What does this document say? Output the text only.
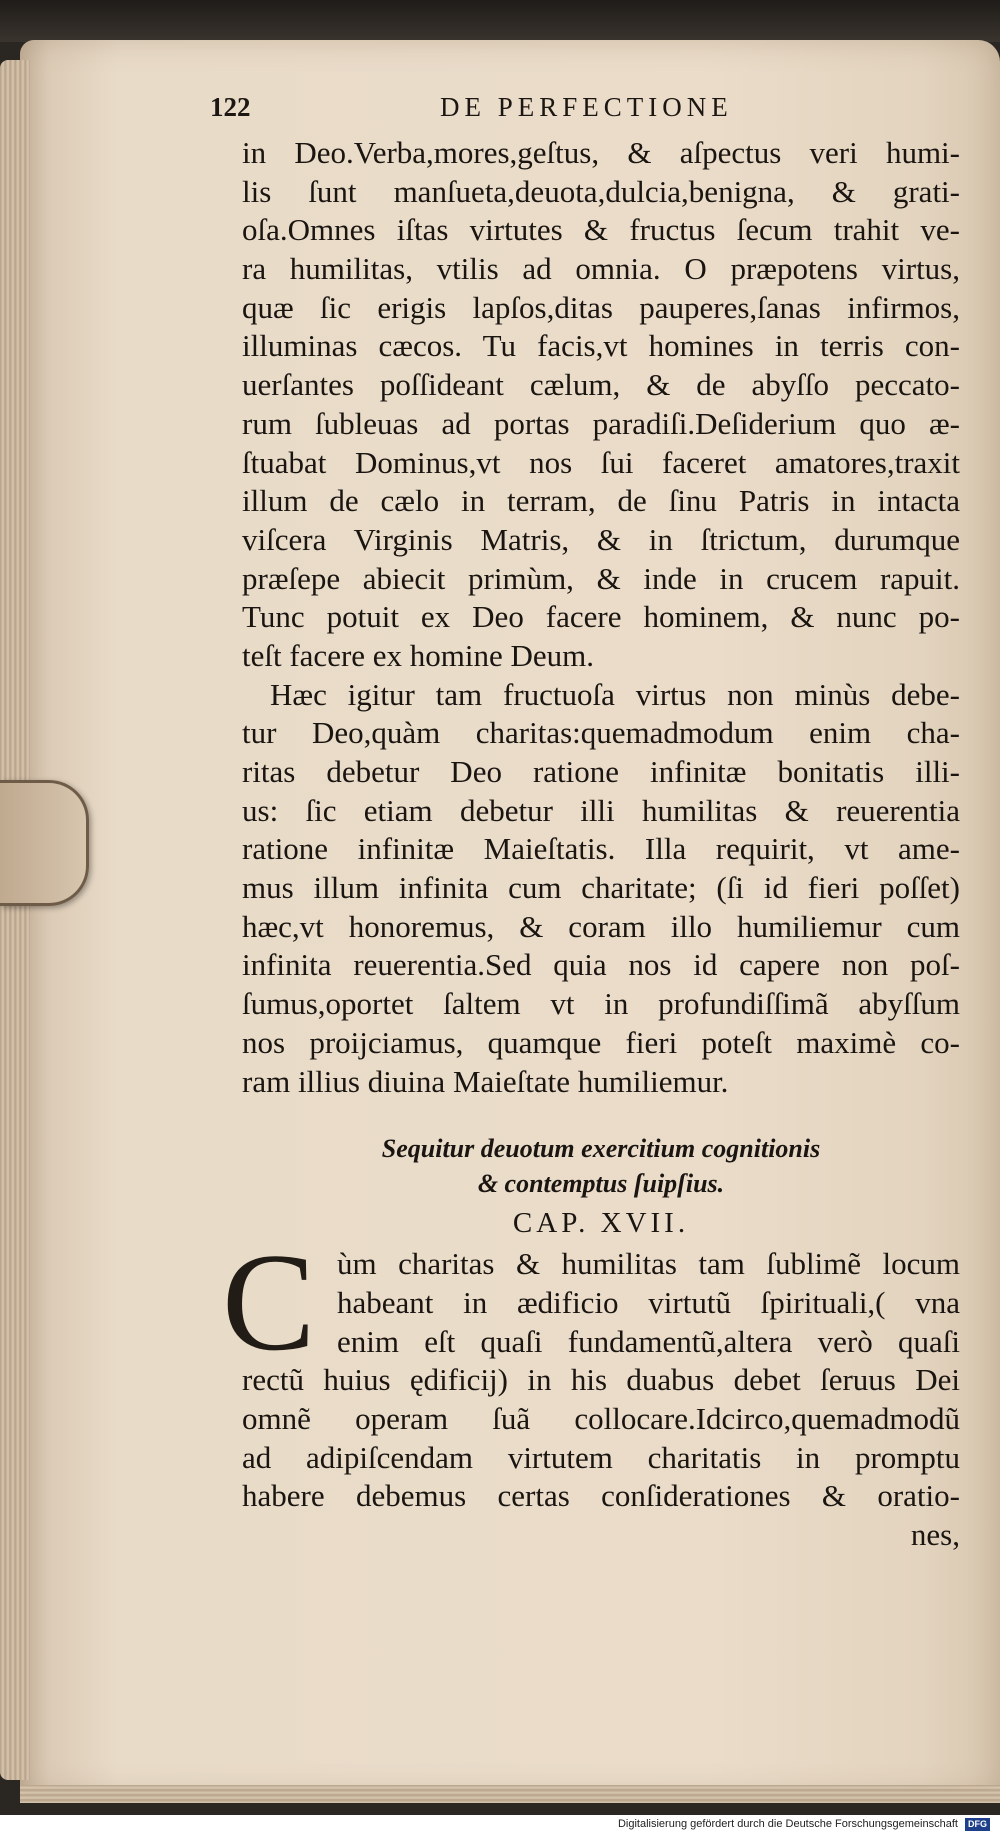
122	DE PERFECTIONE
in Deo.Verba,mores,geſtus, & aſpectus veri humi-
lis ſunt manſueta,deuota,dulcia,benigna, & grati-
oſa.Omnes iſtas virtutes & fructus ſecum trahit ve-
ra humilitas, vtilis ad omnia. O præpotens virtus,
quæ ſic erigis lapſos,ditas pauperes,ſanas infirmos,
illuminas cæcos. Tu facis,vt homines in terris con-
uerſantes poſſideant cælum, & de abyſſo peccato-
rum ſubleuas ad portas paradiſi.Deſiderium quo æ-
ſtuabat Dominus,vt nos ſui faceret amatores,traxit
illum de cælo in terram, de ſinu Patris in intacta
viſcera Virginis Matris, & in ſtrictum, durumque
præſepe abiecit primùm, & inde in crucem rapuit.
Tunc potuit ex Deo facere hominem, & nunc po-
teſt facere ex homine Deum.
Hæc igitur tam fructuoſa virtus non minùs debe-
tur Deo,quàm charitas:quemadmodum enim cha-
ritas debetur Deo ratione infinitæ bonitatis illi-
us: ſic etiam debetur illi humilitas & reuerentia
ratione infinitæ Maieſtatis. Illa requirit, vt ame-
mus illum infinita cum charitate; (ſi id fieri poſſet)
hæc,vt honoremus, & coram illo humiliemur cum
infinita reuerentia.Sed quia nos id capere non poſ-
ſumus,oportet ſaltem vt in profundiſſimã abyſſum
nos proijciamus, quamque fieri poteſt maximè co-
ram illius diuina Maieſtate humiliemur.
Sequitur deuotum exercitium cognitionis
& contemptus ſuipſius.
CAP. XVII.
C ùm charitas & humilitas tam ſublimẽ locum
habeant in ædificio virtutũ ſpirituali,( vna
enim eſt quaſi fundamentũ,altera verò quaſi
rectũ huius ędificij) in his duabus debet ſeruus Dei
omnẽ operam ſuã collocare.Idcirco,quemadmodũ
ad adipiſcendam virtutem charitatis in promptu
habere debemus certas conſiderationes & oratio-
nes,
Digitalisierung gefördert durch die Deutsche Forschungsgemeinschaft DFG
